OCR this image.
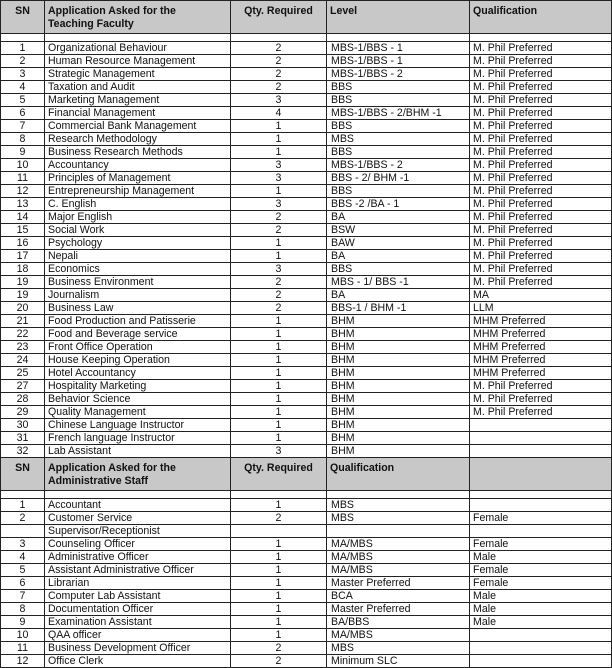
SN	Application Asked for the
Teaching Faculty	Qty. Required	Level	Qualification

1	Organizational Behaviour	2	MBS-1/BBS - 1	M. Phil Preferred
2	Human Resource Management	2	MBS-1/BBS - 1	M. Phil Preferred
3	Strategic Management	2	MBS-1/BBS - 2	M. Phil Preferred
4	Taxation and Audit	2	BBS	M. Phil Preferred
5	Marketing Management	3	BBS	M. Phil Preferred
6	Financial Management	4	MBS-1/BBS - 2/BHM -1	M. Phil Preferred
7	Commercial Bank Management	1	BBS	M. Phil Preferred
8	Research Methodology	1	MBS	M. Phil Preferred
9	Business Research Methods	1	BBS	M. Phil Preferred
10	Accountancy	3	MBS-1/BBS - 2	M. Phil Preferred
11	Principles of Management	3	BBS - 2/ BHM -1	M. Phil Preferred
12	Entrepreneurship Management	1	BBS	M. Phil Preferred
13	C. English	3	BBS -2 /BA - 1	M. Phil Preferred
14	Major English	2	BA	M. Phil Preferred
15	Social Work	2	BSW	M. Phil Preferred
16	Psychology	1	BAW	M. Phil Preferred
17	Nepali	1	BA	M. Phil Preferred
18	Economics	3	BBS	M. Phil Preferred
19	Business Environment	2	MBS - 1/ BBS -1	M. Phil Preferred
19	Journalism	2	BA	MA
20	Business Law	2	BBS-1 / BHM -1	LLM
21	Food Production and Patisserie	1	BHM	MHM Preferred
22	Food and Beverage service	1	BHM	MHM Preferred
23	Front Office Operation	1	BHM	MHM Preferred
24	House Keeping Operation	1	BHM	MHM Preferred
25	Hotel Accountancy	1	BHM	MHM Preferred
27	Hospitality Marketing	1	BHM	M. Phil Preferred
28	Behavior Science	1	BHM	M. Phil Preferred
29	Quality Management	1	BHM	M. Phil Preferred
30	Chinese Language Instructor	1	BHM	
31	French language Instructor	1	BHM	
32	Lab Assistant	3	BHM	
SN	Application Asked for the
Administrative Staff	Qty. Required	Qualification	

1	Accountant	1	MBS	
2	Customer Service	2	MBS	Female
	Supervisor/Receptionist			
3	Counseling Officer	1	MA/MBS	Female
4	Administrative Officer	1	MA/MBS	Male
5	Assistant Administrative Officer	1	MA/MBS	Female
6	Librarian	1	Master Preferred	Female
7	Computer Lab Assistant	1	BCA	Male
8	Documentation Officer	1	Master Preferred	Male
9	Examination Assistant	1	BA/BBS	Male
10	QAA officer	1	MA/MBS	
11	Business Development Officer	2	MBS	
12	Office Clerk	2	Minimum SLC	
